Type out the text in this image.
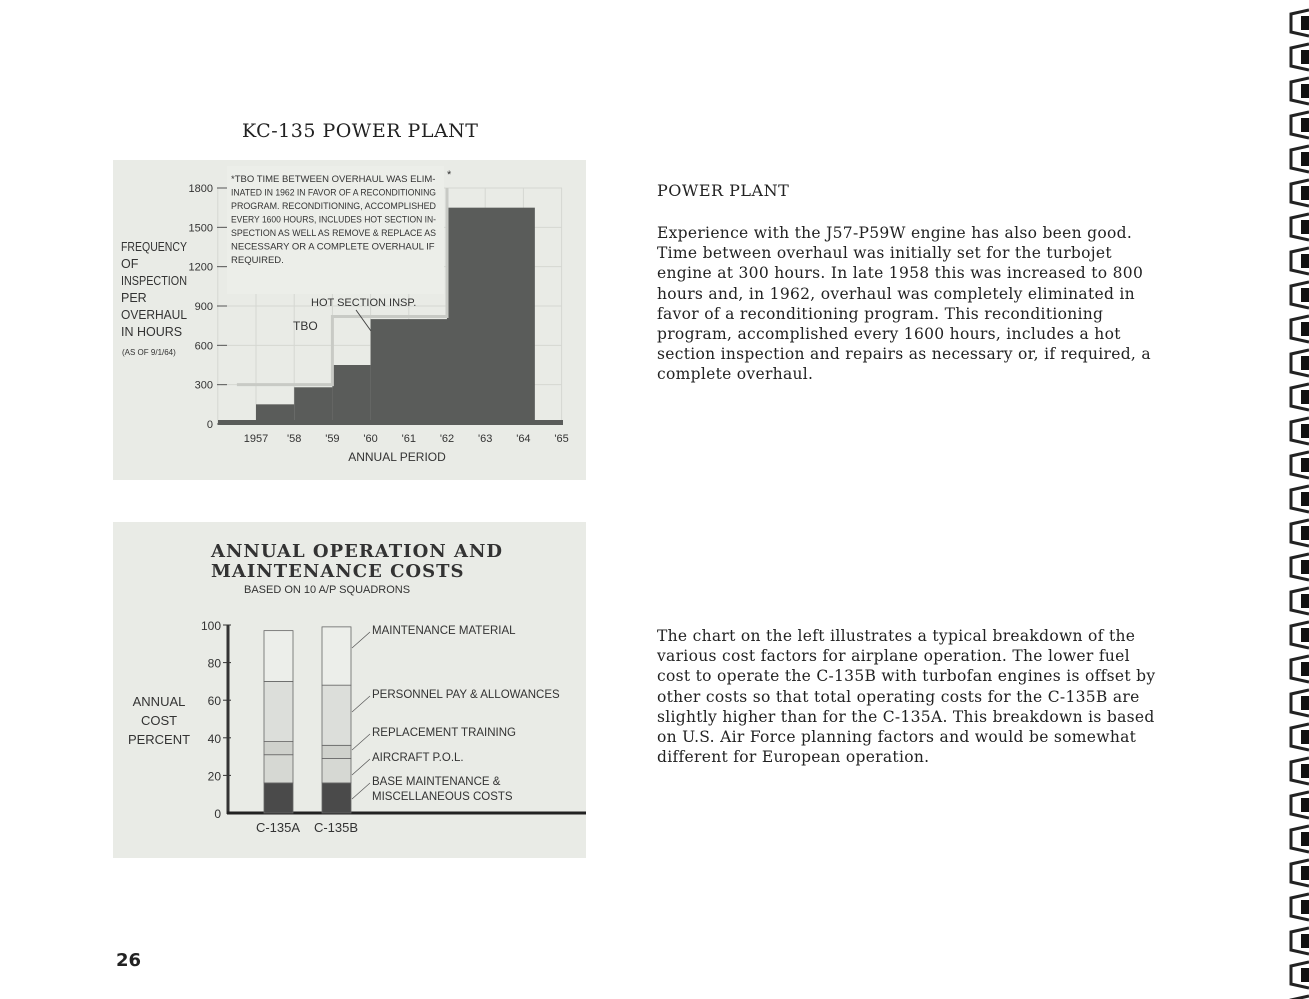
KC-135 POWER PLANT
0
300
600
900
1200
1500
1800
*TBO TIME BETWEEN OVERHAUL WAS ELIM-
INATED IN 1962 IN FAVOR OF A RECONDITIONING
PROGRAM. RECONDITIONING, ACCOMPLISHED
EVERY 1600 HOURS, INCLUDES HOT SECTION IN-
SPECTION AS WELL AS REMOVE & REPLACE AS
NECESSARY OR A COMPLETE OVERHAUL IF
REQUIRED.
*
TBO
HOT SECTION INSP.
1957 '58 '59 '60 '61 '62 '63 '64 '65
ANNUAL PERIOD
FREQUENCY
OF
INSPECTION
PER
OVERHAUL
IN HOURS
(AS OF 9/1/64)
ANNUAL OPERATION AND
MAINTENANCE COSTS
BASED ON 10 A/P SQUADRONS
0
20
40
60
80
100
ANNUAL
COST
PERCENT
C-135A C-135B
MAINTENANCE MATERIAL
PERSONNEL PAY & ALLOWANCES
REPLACEMENT TRAINING
AIRCRAFT P.O.L.
BASE MAINTENANCE &
MISCELLANEOUS COSTS
POWER PLANT
Experience with the J57-P59W engine has also been good. Time between overhaul was initially set for the turbojet engine at 300 hours. In late 1958 this was increased to 800 hours and, in 1962, overhaul was completely eliminated in favor of a reconditioning program. This reconditioning program, accomplished every 1600 hours, includes a hot section inspection and repairs as necessary or, if required, a complete overhaul.
The chart on the left illustrates a typical breakdown of the various cost factors for airplane operation. The lower fuel cost to operate the C-135B with turbofan engines is offset by other costs so that total operating costs for the C-135B are slightly higher than for the C-135A. This breakdown is based on U.S. Air Force planning factors and would be somewhat different for European operation.
26
